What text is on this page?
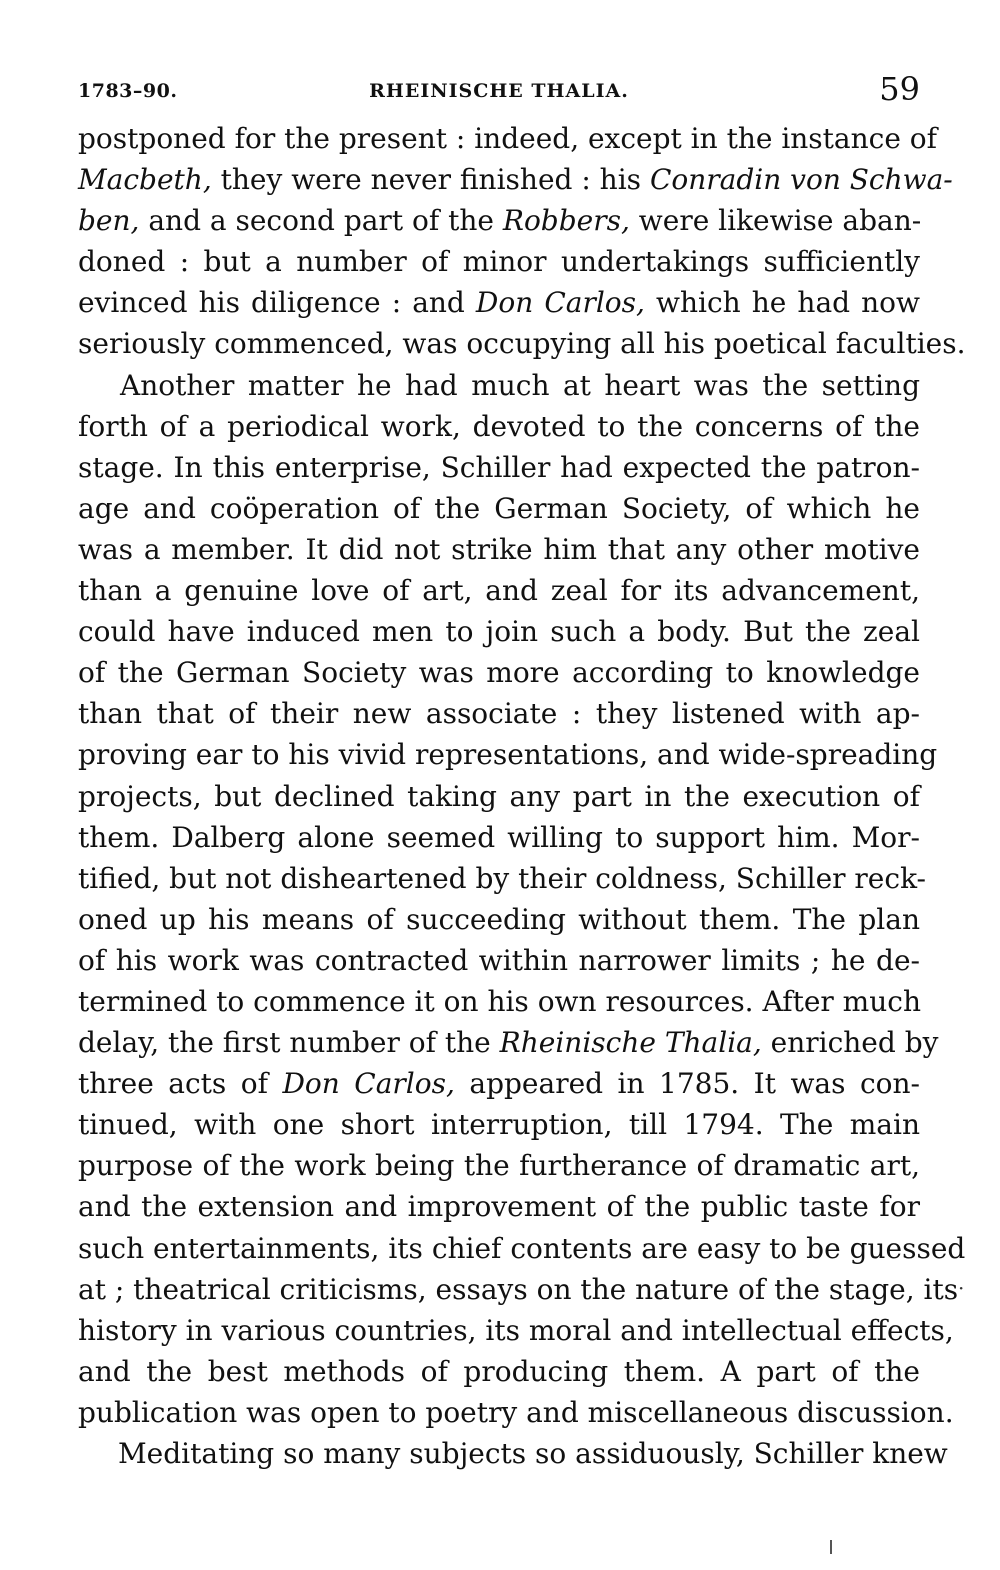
1783–90.	RHEINISCHE THALIA.	59
postponed for the present : indeed, except in the instance of
Macbeth, they were never finished : his Conradin von Schwa-
ben, and a second part of the Robbers, were likewise aban-
doned : but a number of minor undertakings sufficiently
evinced his diligence : and Don Carlos, which he had now
seriously commenced, was occupying all his poetical faculties.
Another matter he had much at heart was the setting
forth of a periodical work, devoted to the concerns of the
stage. In this enterprise, Schiller had expected the patron-
age and coöperation of the German Society, of which he
was a member. It did not strike him that any other motive
than a genuine love of art, and zeal for its advancement,
could have induced men to join such a body. But the zeal
of the German Society was more according to knowledge
than that of their new associate : they listened with ap-
proving ear to his vivid representations, and wide-spreading
projects, but declined taking any part in the execution of
them. Dalberg alone seemed willing to support him. Mor-
tified, but not disheartened by their coldness, Schiller reck-
oned up his means of succeeding without them. The plan
of his work was contracted within narrower limits ; he de-
termined to commence it on his own resources. After much
delay, the first number of the Rheinische Thalia, enriched by
three acts of Don Carlos, appeared in 1785. It was con-
tinued, with one short interruption, till 1794. The main
purpose of the work being the furtherance of dramatic art,
and the extension and improvement of the public taste for
such entertainments, its chief contents are easy to be guessed
at ; theatrical criticisms, essays on the nature of the stage, its
history in various countries, its moral and intellectual effects,
and the best methods of producing them. A part of the
publication was open to poetry and miscellaneous discussion.
Meditating so many subjects so assiduously, Schiller knew
·
